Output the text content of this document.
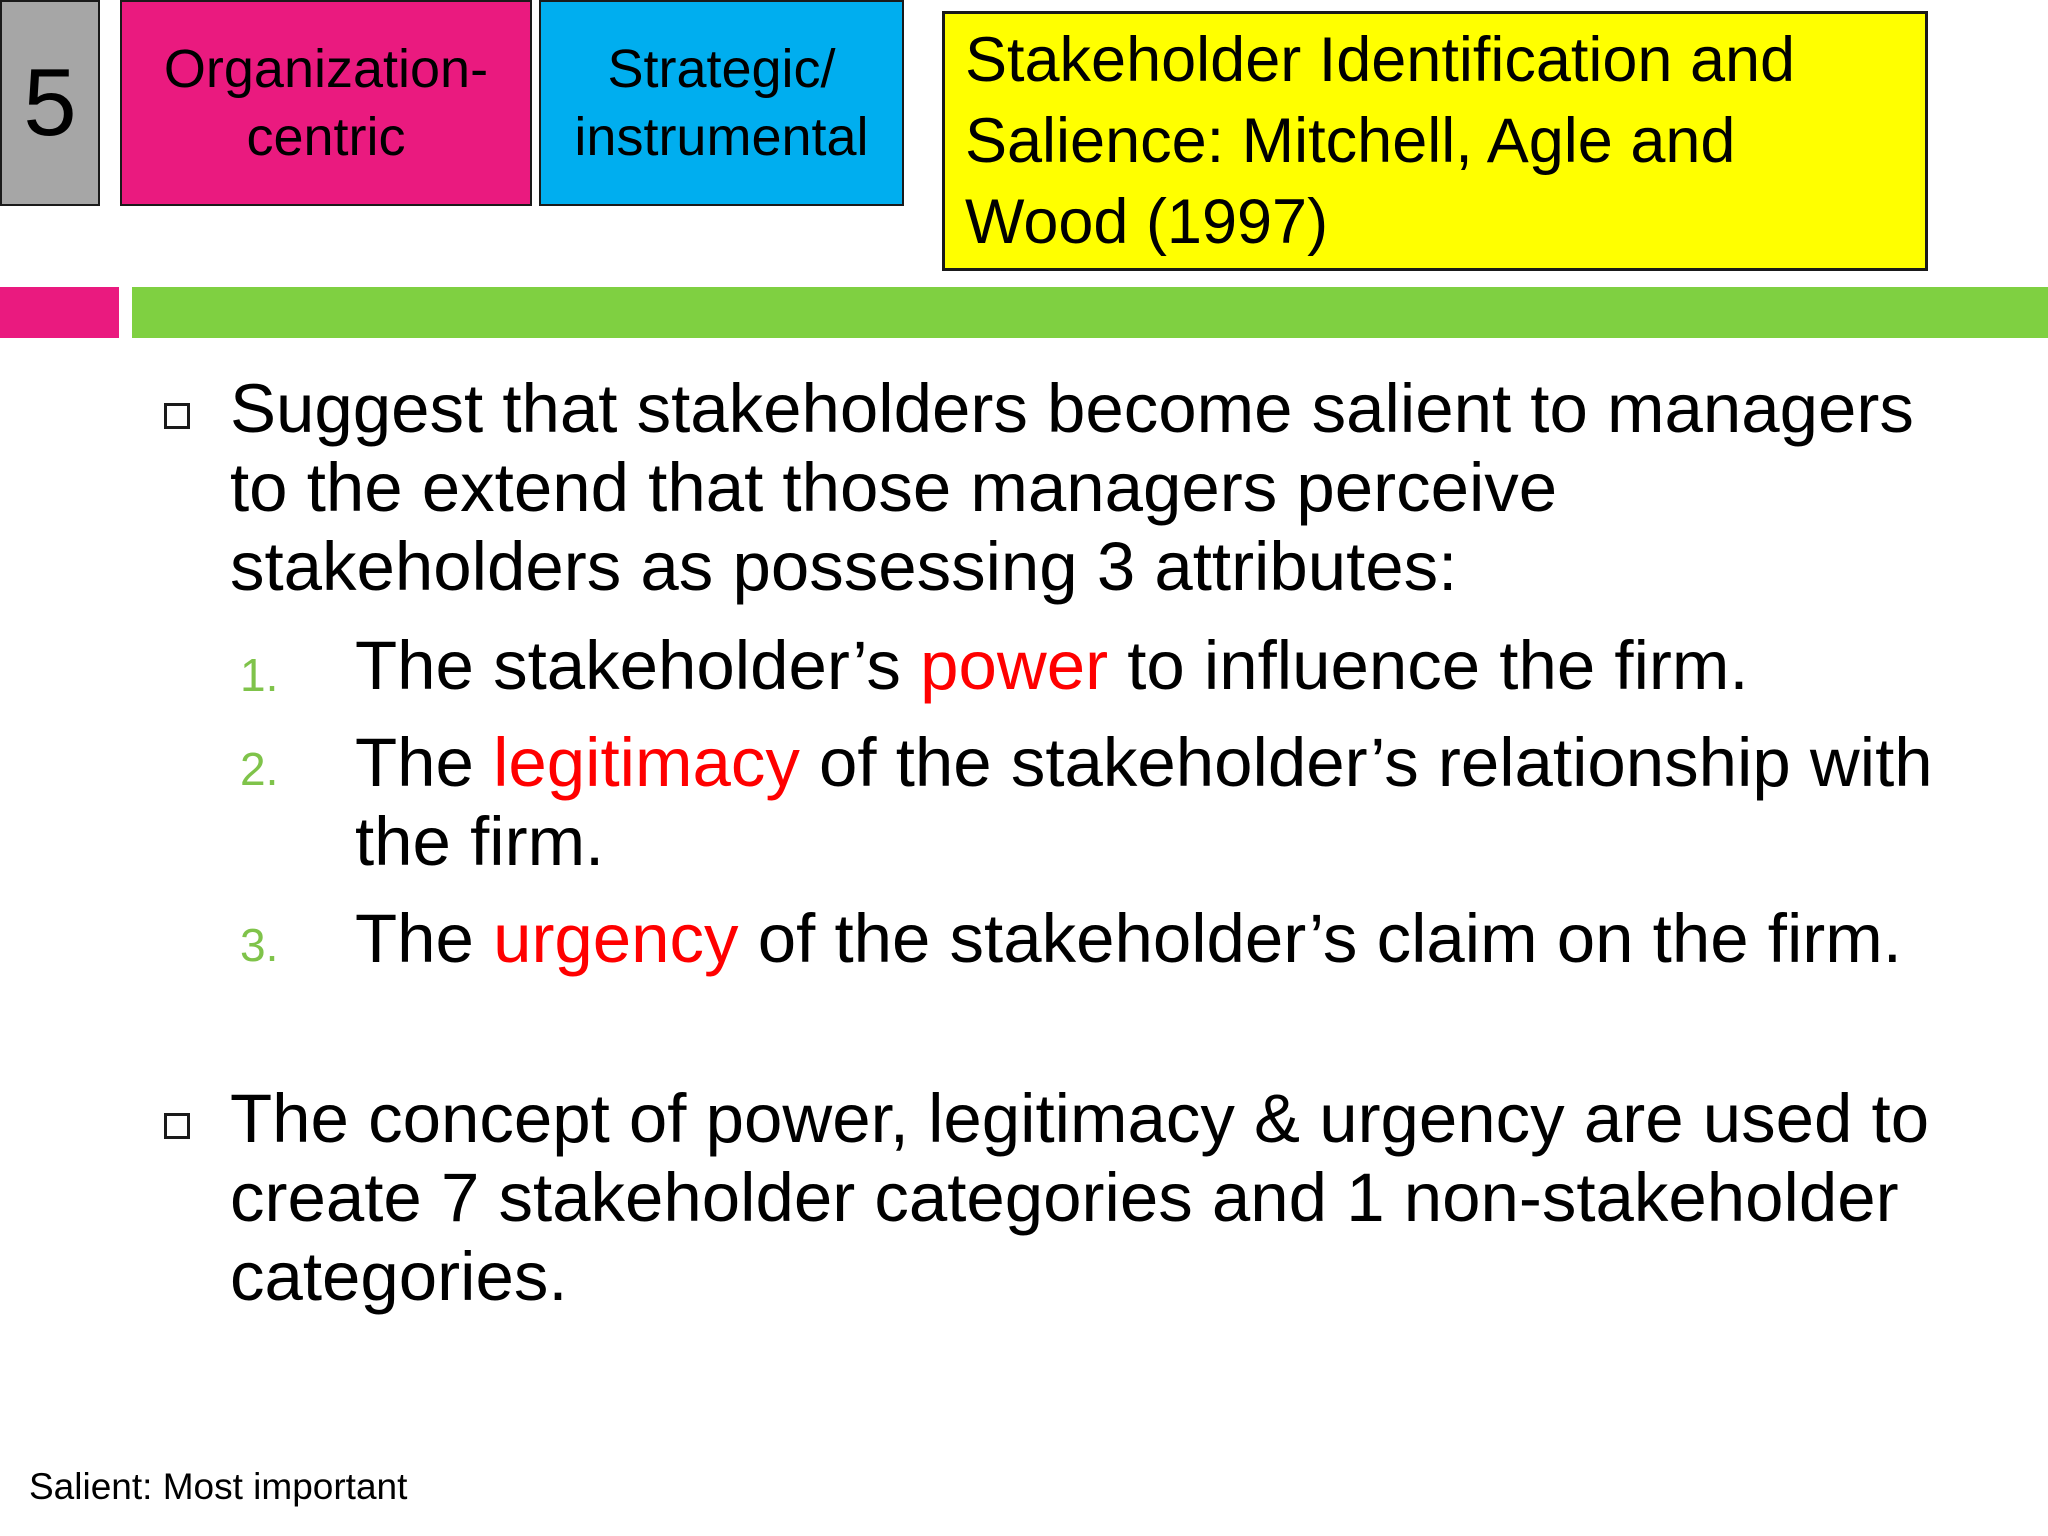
5 Organization-
centric
Strategic/
instrumental
Stakeholder Identification and
Salience: Mitchell, Agle and
Wood (1997)
Suggest that stakeholders become salient to managers to the extend that those managers perceive stakeholders as possessing 3 attributes:
1.	The stakeholder’s power to influence the firm.
2.	The legitimacy of the stakeholder’s relationship with the firm.
3.	The urgency of the stakeholder’s claim on the firm.
The concept of power, legitimacy & urgency are used to create 7 stakeholder categories and 1 non-stakeholder categories.
Salient: Most important
